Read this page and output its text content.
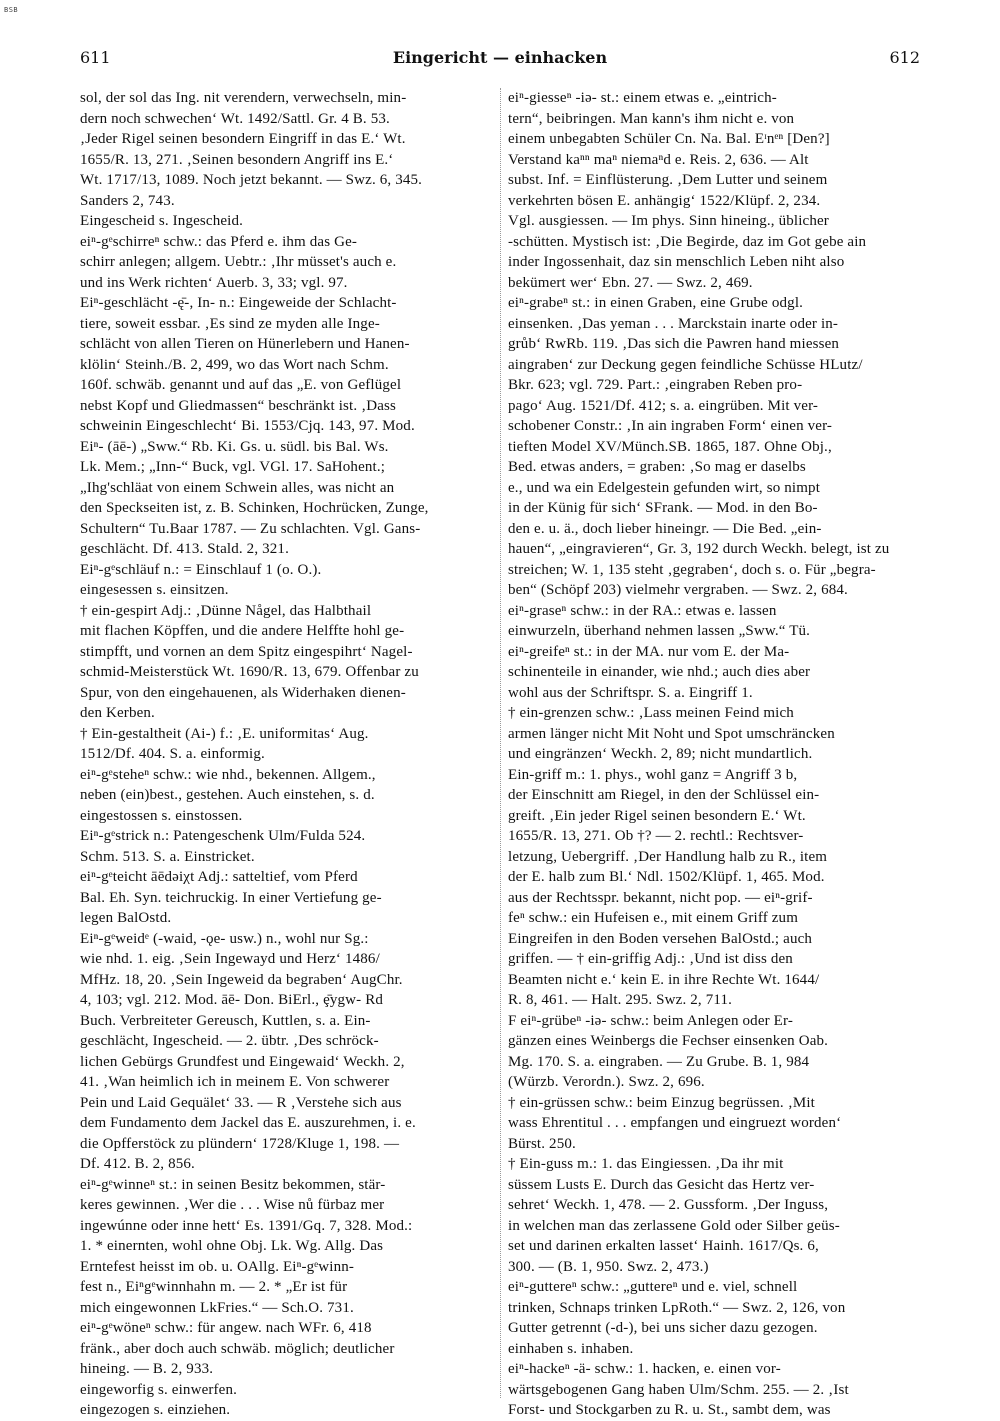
BSB
611	Eingericht — einhacken	612
sol, der sol das Ing. nit verendern, verwechseln, min-
dern noch schwechen‘ Wt. 1492/Sattl. Gr. 4 B. 53.
‚Jeder Rigel seinen besondern Eingriff in das E.‘ Wt.
1655/R. 13, 271. ‚Seinen besondern Angriff ins E.‘
Wt. 1717/13, 1089. Noch jetzt bekannt. — Swz. 6, 345.
Sanders 2, 743.
Eingescheid s. Ingescheid.
eiⁿ-gᵉschirreⁿ schw.: das Pferd e. ihm das Ge-
schirr anlegen; allgem. Uebtr.: ‚Ihr müsset's auch e.
und ins Werk richten‘ Auerb. 3, 33; vgl. 97.
Eiⁿ-geschlächt -ę̄-, In- n.: Eingeweide der Schlacht-
tiere, soweit essbar. ‚Es sind ze myden alle Inge-
schlächt von allen Tieren on Hünerlebern und Hanen-
klölin‘ Steinh./B. 2, 499, wo das Wort nach Schm.
160f. schwäb. genannt und auf das „E. von Geflügel
nebst Kopf und Gliedmassen“ beschränkt ist. ‚Dass
schweinin Eingeschlecht‘ Bi. 1553/Cjq. 143, 97. Mod.
Eiⁿ- (āē-) „Sww.“ Rb. Ki. Gs. u. südl. bis Bal. Ws.
Lk. Mem.; „Inn-“ Buck, vgl. VGl. 17. SaHohent.;
„Ihg'schläat von einem Schwein alles, was nicht an
den Speckseiten ist, z. B. Schinken, Hochrücken, Zunge,
Schultern“ Tu.Baar 1787. — Zu schlachten. Vgl. Gans-
geschlächt. Df. 413. Stald. 2, 321.
Eiⁿ-gᵉschläuf n.: = Einschlauf 1 (o. O.).
eingesessen s. einsitzen.
† ein-gespirt Adj.: ‚Dünne Någel, das Halbthail
mit flachen Köpffen, und die andere Helffte hohl ge-
stimpfft, und vornen an dem Spitz eingespihrt‘ Nagel-
schmid-Meisterstück Wt. 1690/R. 13, 679. Offenbar zu
Spur, von den eingehauenen, als Widerhaken dienen-
den Kerben.
† Ein-gestaltheit (Ai-) f.: ‚E. uniformitas‘ Aug.
1512/Df. 404. S. a. einformig.
eiⁿ-gᵉsteheⁿ schw.: wie nhd., bekennen. Allgem.,
neben (ein)best., gestehen. Auch einstehen, s. d.
eingestossen s. einstossen.
Eiⁿ-gᵉstrick n.: Patengeschenk Ulm/Fulda 524.
Schm. 513. S. a. Einstricket.
eiⁿ-gᵉteicht āēdəiχt Adj.: satteltief, vom Pferd
Bal. Eh. Syn. teichruckig. In einer Vertiefung ge-
legen BalOstd.
Eiⁿ-gᵉweidᵉ (-waid, -ǫe- usw.) n., wohl nur Sg.:
wie nhd. 1. eig. ‚Sein Ingewayd und Herz‘ 1486/
MfHz. 18, 20. ‚Sein Ingeweid da begraben‘ AugChr.
4, 103; vgl. 212. Mod. āē- Don. BiErl., ȩ̄ygw- Rd
Buch. Verbreiteter Gereusch, Kuttlen, s. a. Ein-
geschlächt, Ingescheid. — 2. übtr. ‚Des schröck-
lichen Gebürgs Grundfest und Eingewaid‘ Weckh. 2,
41. ‚Wan heimlich ich in meinem E. Von schwerer
Pein und Laid Gequälet‘ 33. — R ‚Verstehe sich aus
dem Fundamento dem Jackel das E. auszurehmen, i. e.
die Opfferstöck zu plündern‘ 1728/Kluge 1, 198. —
Df. 412. B. 2, 856.
eiⁿ-gᵉwinneⁿ st.: in seinen Besitz bekommen, stär-
keres gewinnen. ‚Wer die . . . Wise nů fürbaz mer
ingewúnne oder inne hett‘ Es. 1391/Gq. 7, 328. Mod.:
1. * einernten, wohl ohne Obj. Lk. Wg. Allg. Das
Erntefest heisst im ob. u. OAllg. Eiⁿ-gᵉwinn-
fest n., Eiⁿgᵉwinnhahn m. — 2. * „Er ist für
mich eingewonnen LkFries.“ — Sch.O. 731.
eiⁿ-gᵉwöneⁿ schw.: für angew. nach WFr. 6, 418
fränk., aber doch auch schwäb. möglich; deutlicher
hineing. — B. 2, 933.
eingeworfig s. einwerfen.
eingezogen s. einziehen.
eiⁿ-giesseⁿ -iə- st.: einem etwas e. „eintrich-
tern“, beibringen. Man kann's ihm nicht e. von
einem unbegabten Schüler Cn. Na. Bal. Eᶦnᵉⁿ [Den?]
Verstand kaⁿⁿ maⁿ niemaⁿd e. Reis. 2, 636. — Alt
subst. Inf. = Einflüsterung. ‚Dem Lutter und seinem
verkehrten bösen E. anhängig‘ 1522/Klüpf. 2, 234.
Vgl. ausgiessen. — Im phys. Sinn hineing., üblicher
-schütten. Mystisch ist: ‚Die Begirde, daz im Got gebe ain
inder Ingossenhait, daz sin menschlich Leben niht also
bekümert wer‘ Ebn. 27. — Swz. 2, 469.
eiⁿ-grabeⁿ st.: in einen Graben, eine Grube odgl.
einsenken. ‚Das yeman . . . Marckstain inarte oder in-
grůb‘ RwRb. 119. ‚Das sich die Pawren hand miessen
aingraben‘ zur Deckung gegen feindliche Schüsse HLutz/
Bkr. 623; vgl. 729. Part.: ‚eingraben Reben pro-
pago‘ Aug. 1521/Df. 412; s. a. eingrüben. Mit ver-
schobener Constr.: ‚In ain ingraben Form‘ einen ver-
tieften Model XV/Münch.SB. 1865, 187. Ohne Obj.,
Bed. etwas anders, = graben: ‚So mag er daselbs
e., und wa ein Edelgestein gefunden wirt, so nimpt
in der Künig für sich‘ SFrank. — Mod. in den Bo-
den e. u. ä., doch lieber hineingr. — Die Bed. „ein-
hauen“, „eingravieren“, Gr. 3, 192 durch Weckh. belegt, ist zu
streichen; W. 1, 135 steht ‚gegraben‘, doch s. o. Für „begra-
ben“ (Schöpf 203) vielmehr vergraben. — Swz. 2, 684.
eiⁿ-graseⁿ schw.: in der RA.: etwas e. lassen
einwurzeln, überhand nehmen lassen „Sww.“ Tü.
eiⁿ-greifeⁿ st.: in der MA. nur vom E. der Ma-
schinenteile in einander, wie nhd.; auch dies aber
wohl aus der Schriftspr. S. a. Eingriff 1.
† ein-grenzen schw.: ‚Lass meinen Feind mich
armen länger nicht Mit Noht und Spot umschräncken
und eingränzen‘ Weckh. 2, 89; nicht mundartlich.
Ein-griff m.: 1. phys., wohl ganz = Angriff 3 b,
der Einschnitt am Riegel, in den der Schlüssel ein-
greift. ‚Ein jeder Rigel seinen besondern E.‘ Wt.
1655/R. 13, 271. Ob †? — 2. rechtl.: Rechtsver-
letzung, Uebergriff. ‚Der Handlung halb zu R., item
der E. halb zum Bl.‘ Ndl. 1502/Klüpf. 1, 465. Mod.
aus der Rechtsspr. bekannt, nicht pop. — eiⁿ-grif-
feⁿ schw.: ein Hufeisen e., mit einem Griff zum
Eingreifen in den Boden versehen BalOstd.; auch
griffen. — † ein-griffig Adj.: ‚Und ist diss den
Beamten nicht e.‘ kein E. in ihre Rechte Wt. 1644/
R. 8, 461. — Halt. 295. Swz. 2, 711.
F eiⁿ-grübeⁿ -iə- schw.: beim Anlegen oder Er-
gänzen eines Weinbergs die Fechser einsenken Oab.
Mg. 170. S. a. eingraben. — Zu Grube. B. 1, 984
(Würzb. Verordn.). Swz. 2, 696.
† ein-grüssen schw.: beim Einzug begrüssen. ‚Mit
wass Ehrentitul . . . empfangen und eingruezt worden‘
Bürst. 250.
† Ein-guss m.: 1. das Eingiessen. ‚Da ihr mit
süssem Lusts E. Durch das Gesicht das Hertz ver-
sehret‘ Weckh. 1, 478. — 2. Gussform. ‚Der Inguss,
in welchen man das zerlassene Gold oder Silber geüs-
set und darinen erkalten lasset‘ Hainh. 1617/Qs. 6,
300. — (B. 1, 950. Swz. 2, 473.)
eiⁿ-guttereⁿ schw.: „guttereⁿ und e. viel, schnell
trinken, Schnaps trinken LpRoth.“ — Swz. 2, 126, von
Gutter getrennt (-d-), bei uns sicher dazu gezogen.
einhaben s. inhaben.
eiⁿ-hackeⁿ -ä- schw.: 1. hacken, e. einen vor-
wärtsgebogenen Gang haben Ulm/Schm. 255. — 2. ‚Ist
Forst- und Stockgarben zu R. u. St., sambt dem, was
